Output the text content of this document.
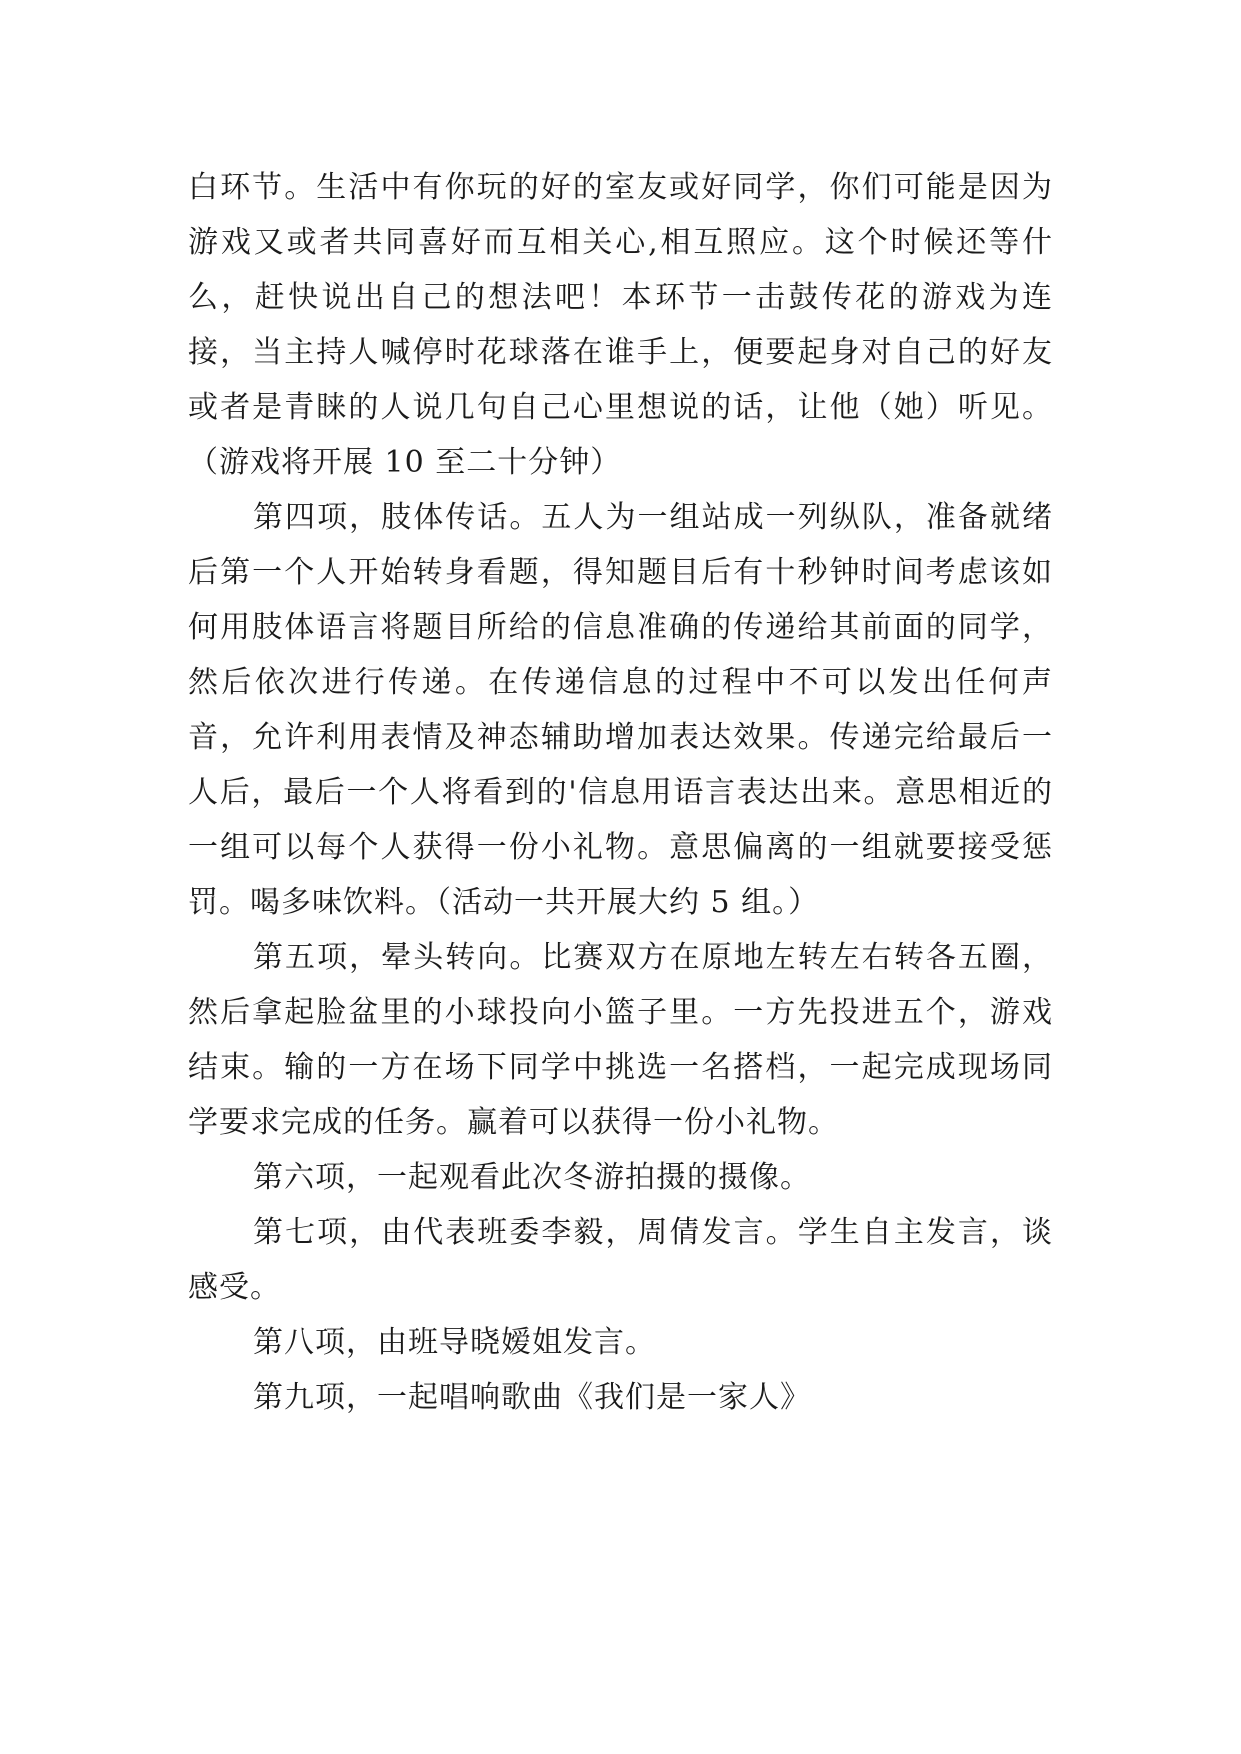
白环节。生活中有你玩的好的室友或好同学，你们可能是因为游戏又或者共同喜好而互相关心,相互照应。这个时候还等什么，赶快说出自己的想法吧！本环节一击鼓传花的游戏为连接，当主持人喊停时花球落在谁手上，便要起身对自己的好友或者是青睐的人说几句自己心里想说的话，让他（她）听见。（游戏将开展 10 至二十分钟）

第四项，肢体传话。五人为一组站成一列纵队，准备就绪后第一个人开始转身看题，得知题目后有十秒钟时间考虑该如何用肢体语言将题目所给的信息准确的传递给其前面的同学，然后依次进行传递。在传递信息的过程中不可以发出任何声音，允许利用表情及神态辅助增加表达效果。传递完给最后一人后，最后一个人将看到的'信息用语言表达出来。意思相近的一组可以每个人获得一份小礼物。意思偏离的一组就要接受惩罚。喝多味饮料。（活动一共开展大约 5 组。）

第五项，晕头转向。比赛双方在原地左转左右转各五圈，然后拿起脸盆里的小球投向小篮子里。一方先投进五个，游戏结束。输的一方在场下同学中挑选一名搭档，一起完成现场同学要求完成的任务。赢着可以获得一份小礼物。

第六项，一起观看此次冬游拍摄的摄像。

第七项，由代表班委李毅，周倩发言。学生自主发言，谈感受。

第八项，由班导晓嫒姐发言。

第九项，一起唱响歌曲《我们是一家人》
